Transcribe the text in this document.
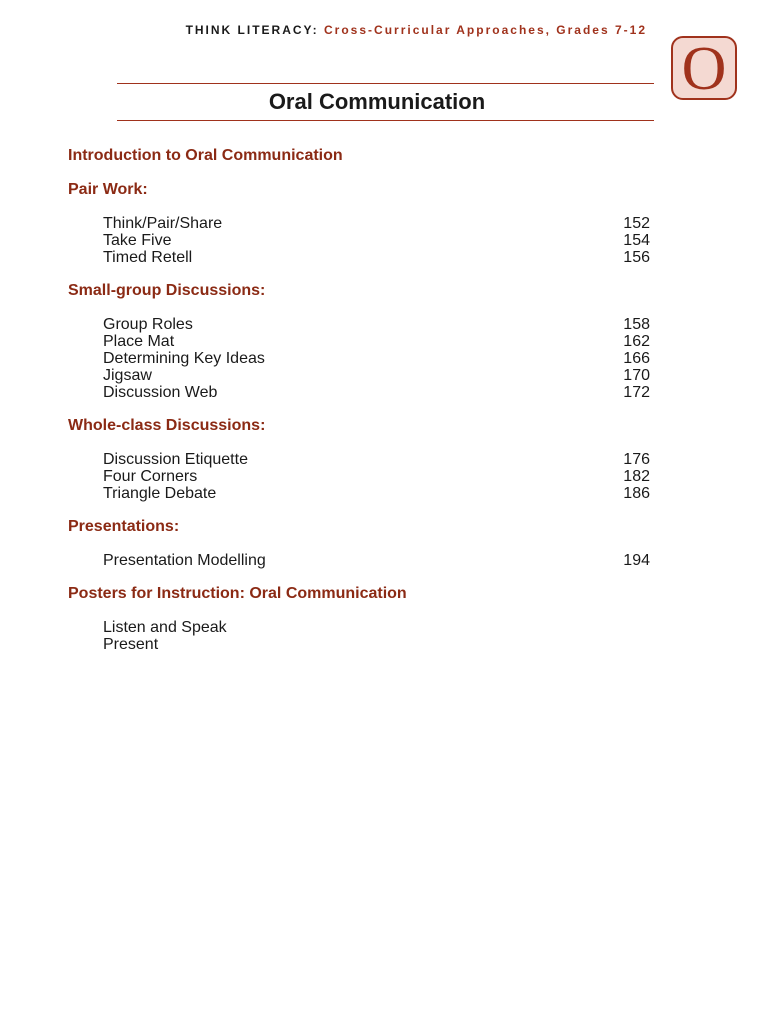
THINK LITERACY: Cross-Curricular Approaches, Grades 7-12
O
Oral Communication
Introduction to Oral Communication
Pair Work:
Think/Pair/Share	152
Take Five	154
Timed Retell	156
Small-group Discussions:
Group Roles	158
Place Mat	162
Determining Key Ideas	166
Jigsaw	170
Discussion Web	172
Whole-class Discussions:
Discussion Etiquette	176
Four Corners	182
Triangle Debate	186
Presentations:
Presentation Modelling	194
Posters for Instruction: Oral Communication
Listen and Speak
Present
